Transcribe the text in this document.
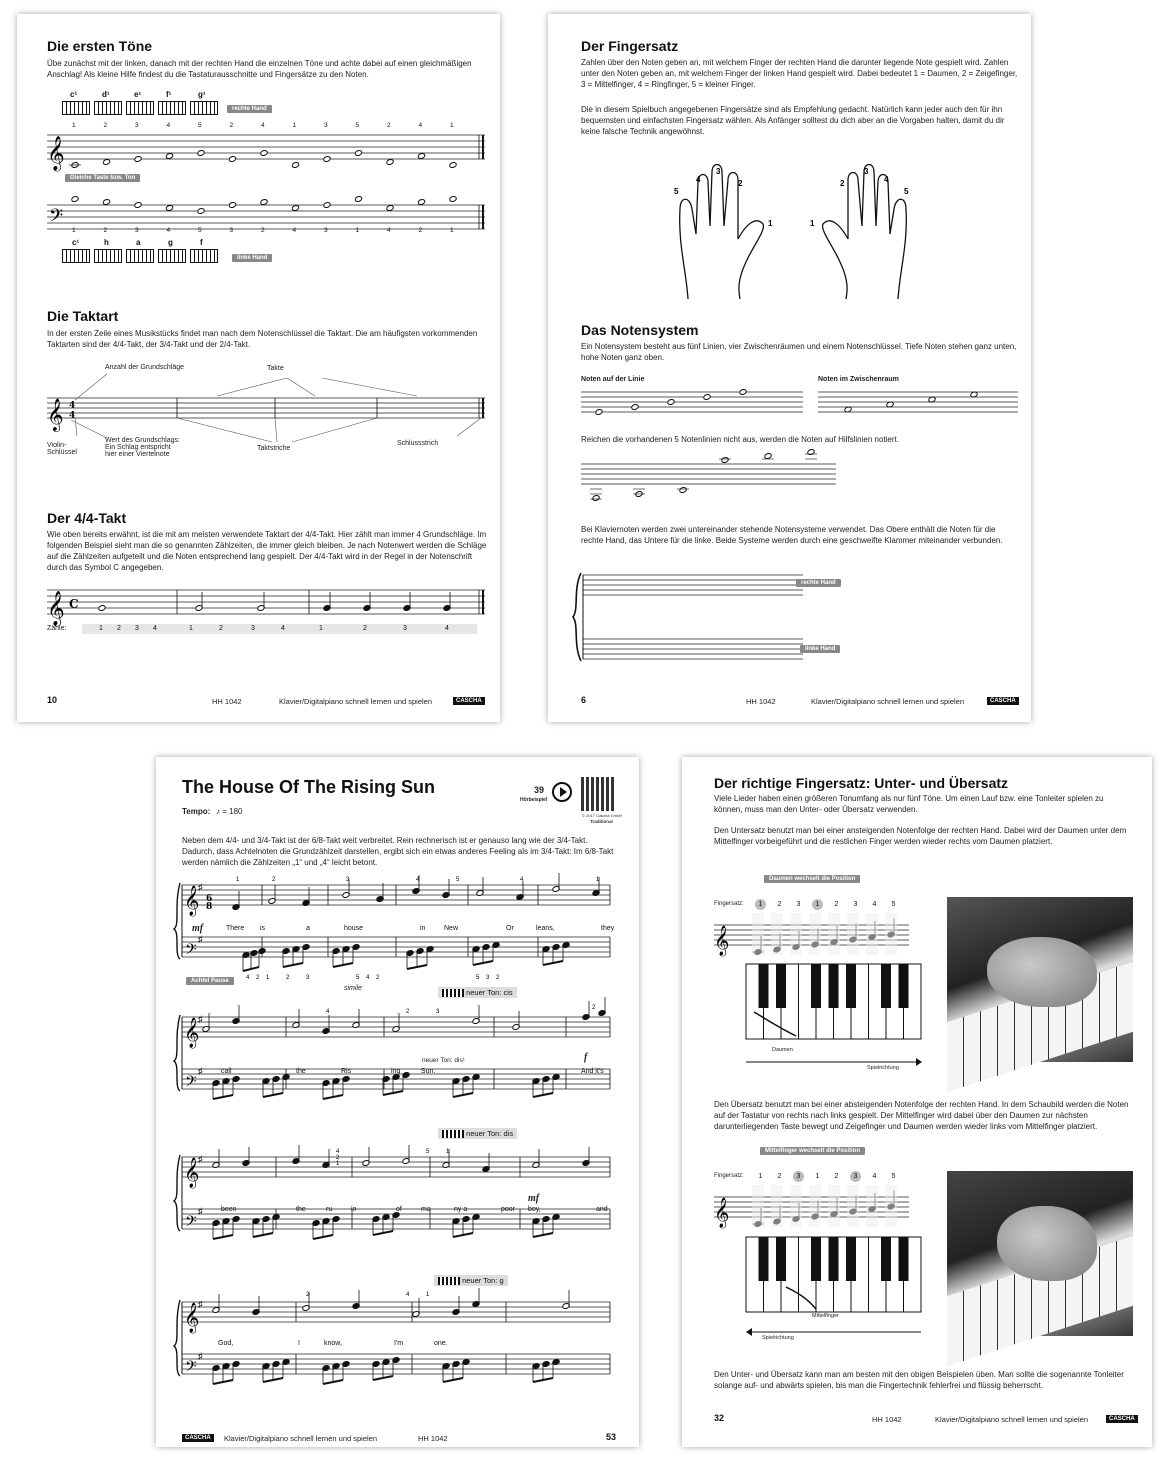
Die ersten Töne
Übe zunächst mit der linken, danach mit der rechten Hand die einzelnen Töne und achte dabei auf einen gleichmäßigen Anschlag! Als kleine Hilfe findest du die Tastaturausschnitte und Fingersätze zu den Noten.
c¹	d¹	e¹	f¹	g¹
rechte Hand
1	2	3	4	5	2	4	1	3	5	2	4	1
𝄞
Gleiche Taste bzw. Ton
𝄢 1	2	3	4	5	3	2	4	3	1	4	2	1
c¹	h	a	g	f
linke Hand
Die Taktart
In der ersten Zeile eines Musikstücks findet man nach dem Notenschlüssel die Taktart. Die am häufigsten vorkommenden Taktarten sind der 4/4-Takt, der 3/4-Takt und der 2/4-Takt.
Anzahl der Grundschläge	Takte
𝄞 4
4
Violin-
Schlüssel
Wert des Grundschlags:
Ein Schlag entspricht
hier einer Viertelnote
Taktstriche
Schlussstrich
Der 4/4-Takt
Wie oben bereits erwähnt, ist die mit am meisten verwendete Taktart der 4/4-Takt. Hier zählt man immer 4 Grundschläge. Im folgenden Beispiel sieht man die so genannten Zählzeiten, die immer gleich bleiben. Je nach Notenwert werden die Schläge auf die Zählzeiten aufgeteilt und die Noten entsprechend lang gespielt. Der 4/4-Takt wird in der Regel in der Notenschrift durch das Symbol C angegeben.
𝄞 C
Zähle:	1 2 3 4	1	2	3	4	1	2	3	4
10	HH 1042	Klavier/Digitalpiano schnell lernen und spielen	CASCHA
Der Fingersatz
Zahlen über den Noten geben an, mit welchem Finger der rechten Hand die darunter liegende Note gespielt wird. Zahlen unter den Noten geben an, mit welchem Finger der linken Hand gespielt wird. Dabei bedeutet 1 = Daumen, 2 = Zeigefinger, 3 = Mittelfinger, 4 = Ringfinger, 5 = kleiner Finger.
Die in diesem Spielbuch angegebenen Fingersätze sind als Empfehlung gedacht. Natürlich kann jeder auch den für ihn bequemsten und einfachsten Fingersatz wählen. Als Anfänger solltest du dich aber an die Vorgaben halten, damit du dir keine falsche Technik angewöhnst.
5
4
3
2
1	1
2
3
4
5
Das Notensystem
Ein Notensystem besteht aus fünf Linien, vier Zwischenräumen und einem Notenschlüssel. Tiefe Noten stehen ganz unten, hohe Noten ganz oben.
Noten auf der Linie	Noten im Zwischenraum
Reichen die vorhandenen 5 Notenlinien nicht aus, werden die Noten auf Hilfslinien notiert.
Bei Klaviernoten werden zwei untereinander stehende Notensysteme verwendet. Das Obere enthält die Noten für die rechte Hand, das Untere für die linke. Beide Systeme werden durch eine geschweifte Klammer miteinander verbunden.
rechte Hand
linke Hand
6	HH 1042	Klavier/Digitalpiano schnell lernen und spielen	CASCHA
The House Of The Rising Sun
Tempo: ♪ = 180
39
Hörbeispiel
© 2017 Cascha GmbH
Traditional
Neben dem 4/4- und 3/4-Takt ist der 6/8-Takt weit verbreitet. Rein rechnerisch ist er genauso lang wie der 3/4-Takt. Dadurch, dass Achtelnoten die Grundzählzeit darstellen, ergibt sich ein etwas anderes Feeling als im 3/4-Takt: Im 6/8-Takt werden nämlich die Zählzeiten „1“ und „4“ leicht betont.
𝄞
𝄢
♯
♯
1	2	3	4	5	4	1
4 2 1	2	3	5 4 2	5 3 2
6
8
mf	There is	a	house	in	New	Or	leans,	they
Achtel Pause
simile	neuer Ton: cis
𝄞
𝄢
♯
♯
4	2	3
2
call	the	Ris	ing	Sun.	And it's
neuer Ton: dis¹	f
neuer Ton: dis
𝄞
𝄢
♯
♯
4
2
1
5	1
mf
been	the	ru	in	of	ma	ny a	poor boy,	and
neuer Ton: g
𝄞
𝄢
♯
♯
2	4	1
God,	I	know,	I'm	one.
CASCHA	Klavier/Digitalpiano schnell lernen und spielen	HH 1042	53
Der richtige Fingersatz: Unter- und Übersatz
Viele Lieder haben einen größeren Tonumfang als nur fünf Töne. Um einen Lauf bzw. eine Tonleiter spielen zu können, muss man den Unter- oder Übersatz verwenden.
Den Untersatz benutzt man bei einer ansteigenden Notenfolge der rechten Hand. Dabei wird der Daumen unter dem Mittelfinger vorbeigeführt und die restlichen Finger werden wieder rechts vom Daumen platziert.
Daumen wechselt die Position
Fingersatz:	1	2	3	1	2	3	4	5
𝄞
Daumen
Spielrichtung
Den Übersatz benutzt man bei einer absteigenden Notenfolge der rechten Hand. In dem Schaubild werden die Noten auf der Tastatur von rechts nach links gespielt. Der Mittelfinger wird dabei über den Daumen zur nächsten darunterliegenden Taste bewegt und Zeigefinger und Daumen werden wieder links vom Mittelfinger platziert.
Mittelfinger wechselt die Position
Fingersatz:	1	2	3	1	2	3	4	5
𝄞
Mittelfinger
Spielrichtung
Den Unter- und Übersatz kann man am besten mit den obigen Beispielen üben. Man sollte die sogenannte Tonleiter solange auf- und abwärts spielen, bis man die Fingertechnik fehlerfrei und flüssig beherrscht.
32	HH 1042	Klavier/Digitalpiano schnell lernen und spielen	CASCHA
